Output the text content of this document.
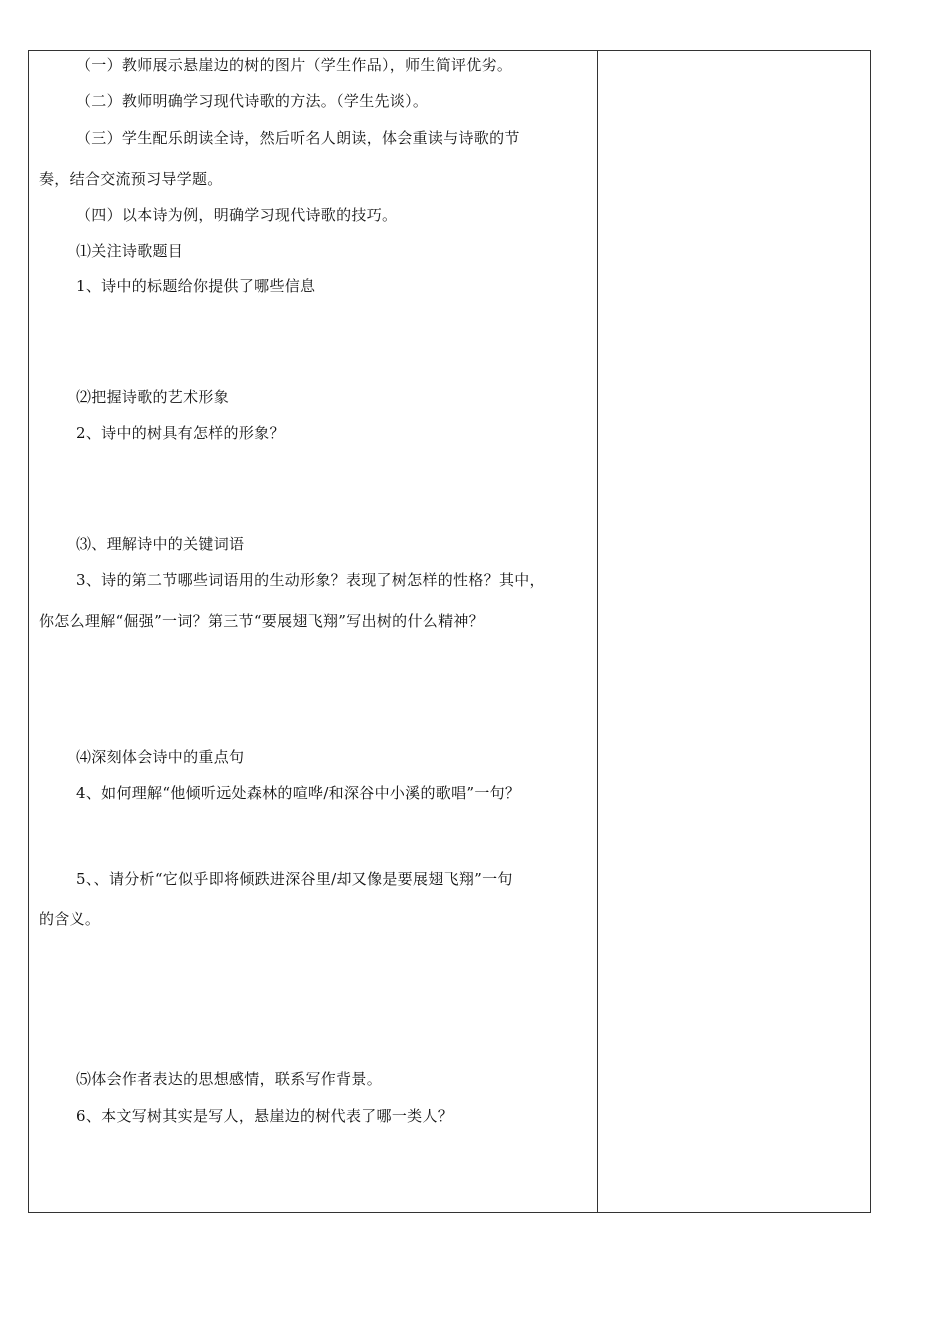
（一）教师展示悬崖边的树的图片（学生作品），师生简评优劣。
（二）教师明确学习现代诗歌的方法。（学生先谈）。
（三）学生配乐朗读全诗，然后听名人朗读，体会重读与诗歌的节
奏，结合交流预习导学题。
（四）以本诗为例，明确学习现代诗歌的技巧。
⑴关注诗歌题目
1、诗中的标题给你提供了哪些信息
⑵把握诗歌的艺术形象
2、诗中的树具有怎样的形象？
⑶、理解诗中的关键词语
3、诗的第二节哪些词语用的生动形象？表现了树怎样的性格？其中，
你怎么理解“倔强”一词？第三节“要展翅飞翔”写出树的什么精神？
⑷深刻体会诗中的重点句
4、如何理解“他倾听远处森林的喧哗/和深谷中小溪的歌唱”一句？
5、、请分析“它似乎即将倾跌进深谷里/却又像是要展翅飞翔”一句
的含义。
⑸体会作者表达的思想感情，联系写作背景。
6、本文写树其实是写人，悬崖边的树代表了哪一类人？
